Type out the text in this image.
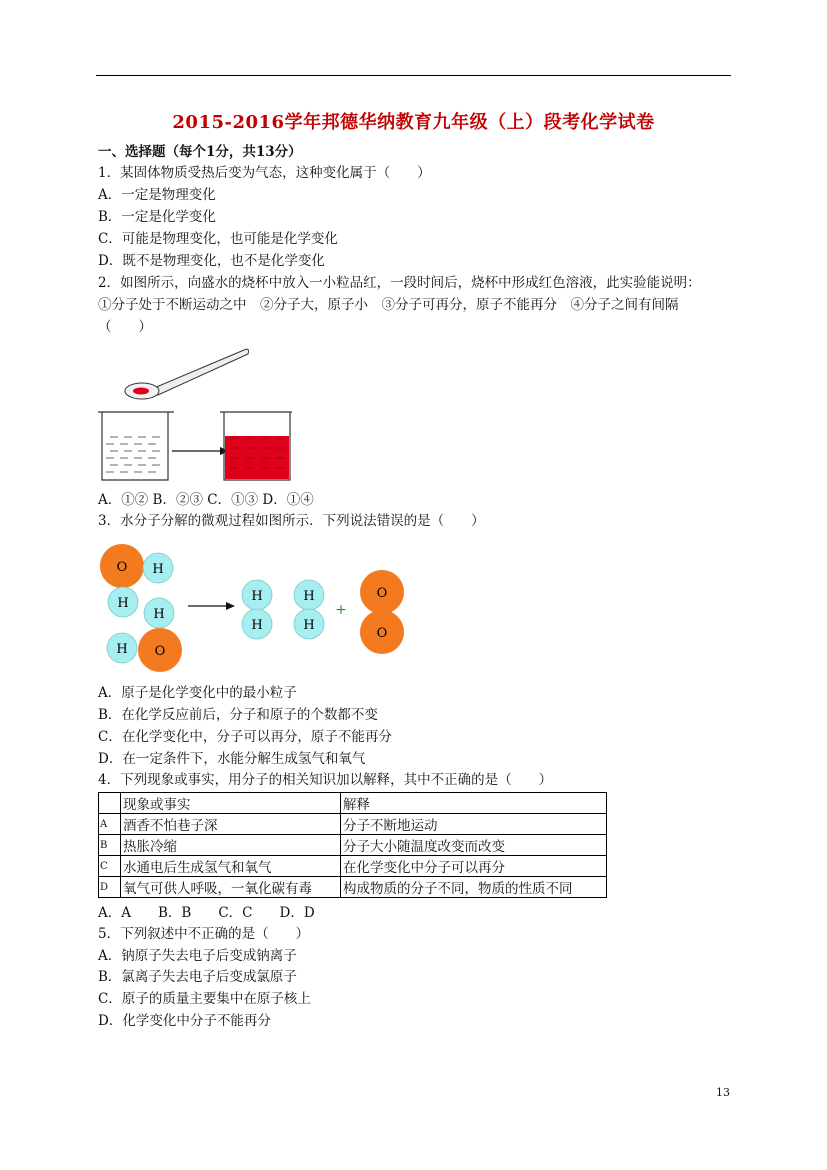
2015-2016学年邦德华纳教育九年级（上）段考化学试卷
一、选择题（每个1分，共13分）
1．某固体物质受热后变为气态，这种变化属于（　　）
A．一定是物理变化
B．一定是化学变化
C．可能是物理变化，也可能是化学变化
D．既不是物理变化，也不是化学变化
2．如图所示，向盛水的烧杯中放入一小粒品红，一段时间后，烧杯中形成红色溶液，此实验能说明：
①分子处于不断运动之中　②分子大，原子小　③分子可再分，原子不能再分　④分子之间有间隔
（　　）
A．①② B．②③ C．①③ D．①④
3．水分子分解的微观过程如图所示．下列说法错误的是（　　）
O H
H
H
O
H
H
H
H
H
+
O
O
A．原子是化学变化中的最小粒子
B．在化学反应前后，分子和原子的个数都不变
C．在化学变化中，分子可以再分，原子不能再分
D．在一定条件下，水能分解生成氢气和氧气
4．下列现象或事实，用分子的相关知识加以解释，其中不正确的是（　　）
	现象或事实	解释
A	酒香不怕巷子深	分子不断地运动
B	热胀冷缩	分子大小随温度改变而改变
C	水通电后生成氢气和氧气	在化学变化中分子可以再分
D	氧气可供人呼吸，一氧化碳有毒	构成物质的分子不同，物质的性质不同
A．A　　B．B　　C．C　　D．D
5．下列叙述中不正确的是（　　）
A．钠原子失去电子后变成钠离子
B．氯离子失去电子后变成氯原子
C．原子的质量主要集中在原子核上
D．化学变化中分子不能再分
13
